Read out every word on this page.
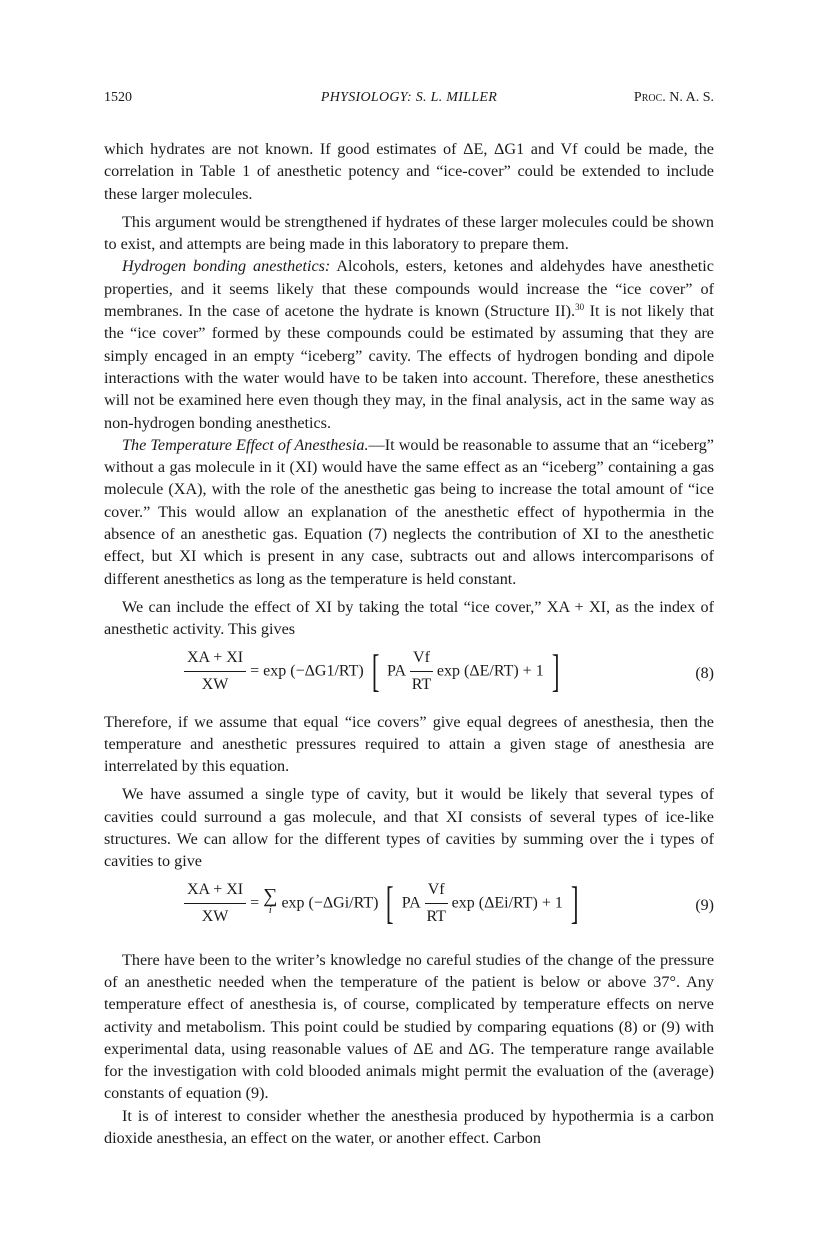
1520	PHYSIOLOGY: S. L. MILLER	Proc. N. A. S.

which hydrates are not known. If good estimates of ΔE, ΔG1 and Vf could be made, the correlation in Table 1 of anesthetic potency and “ice-cover” could be extended to include these larger molecules.

This argument would be strengthened if hydrates of these larger molecules could be shown to exist, and attempts are being made in this laboratory to prepare them.

Hydrogen bonding anesthetics: Alcohols, esters, ketones and aldehydes have anesthetic properties, and it seems likely that these compounds would increase the “ice cover” of membranes. In the case of acetone the hydrate is known (Structure II).$^{30}$ It is not likely that the “ice cover” formed by these compounds could be estimated by assuming that they are simply encaged in an empty “iceberg” cavity. The effects of hydrogen bonding and dipole interactions with the water would have to be taken into account. Therefore, these anesthetics will not be examined here even though they may, in the final analysis, act in the same way as non-hydrogen bonding anesthetics.

The Temperature Effect of Anesthesia.—It would be reasonable to assume that an “iceberg” without a gas molecule in it (XI) would have the same effect as an “iceberg” containing a gas molecule (XA), with the role of the anesthetic gas being to increase the total amount of “ice cover.” This would allow an explanation of the anesthetic effect of hypothermia in the absence of an anesthetic gas. Equation (7) neglects the contribution of XI to the anesthetic effect, but XI which is present in any case, subtracts out and allows intercomparisons of different anesthetics as long as the temperature is held constant.

We can include the effect of XI by taking the total “ice cover,” XA + XI, as the index of anesthetic activity. This gives

$\frac{XA + XI}{XW} = \exp (-\Delta G1/RT)$ [ PA $\frac{Vf}{RT}$ exp (ΔE/RT) + 1 ]	(8)

Therefore, if we assume that equal “ice covers” give equal degrees of anesthesia, then the temperature and anesthetic pressures required to attain a given stage of anesthesia are interrelated by this equation.

We have assumed a single type of cavity, but it would be likely that several types of cavities could surround a gas molecule, and that XI consists of several types of ice-like structures. We can allow for the different types of cavities by summing over the i types of cavities to give

$\frac{XA + XI}{XW}$ = ∑
i exp (−ΔGi/RT) [ PA $\frac{Vf}{RT}$ exp (ΔEi/RT) + 1 ]	(9)

There have been to the writer’s knowledge no careful studies of the change of the pressure of an anesthetic needed when the temperature of the patient is below or above 37°. Any temperature effect of anesthesia is, of course, complicated by temperature effects on nerve activity and metabolism. This point could be studied by comparing equations (8) or (9) with experimental data, using reasonable values of ΔE and ΔG. The temperature range available for the investigation with cold blooded animals might permit the evaluation of the (average) constants of equation (9).

It is of interest to consider whether the anesthesia produced by hypothermia is a carbon dioxide anesthesia, an effect on the water, or another effect. Carbon
